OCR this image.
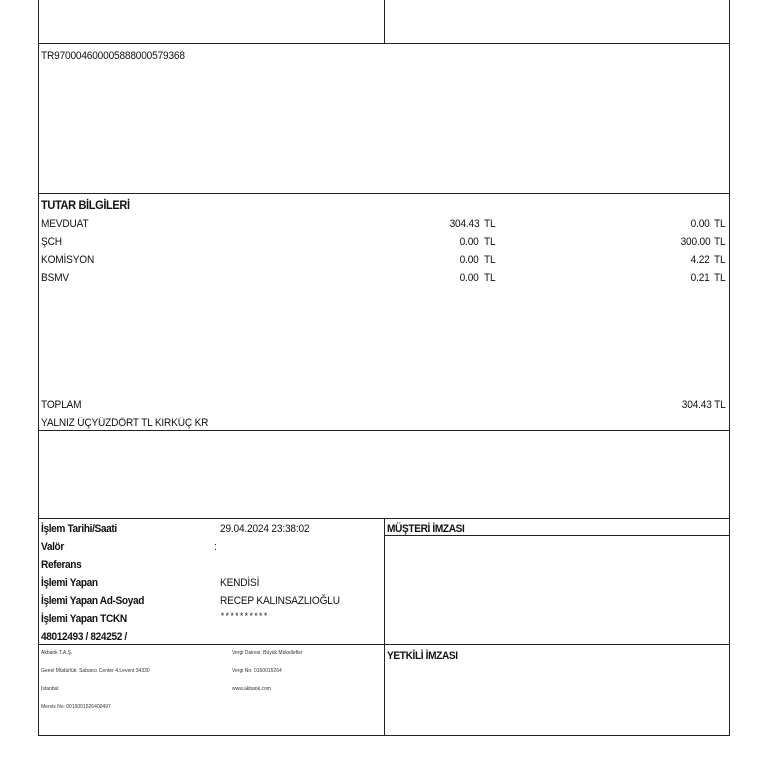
TR970004600005888000579368
TUTAR BİLGİLERİ
MEVDUAT	304.43 TL	0.00 TL
ŞCH	0.00 TL	300.00 TL
KOMİSYON	0.00 TL	4.22 TL
BSMV	0.00 TL	0.21 TL
TOPLAM	304.43 TL
YALNIZ ÜÇYÜZDÖRT TL KIRKÜÇ KR
İşlem Tarihi/Saati	29.04.2024 23:38:02
Valör	:
Referans
İşlemi Yapan	KENDİSİ
İşlemi Yapan Ad-Soyad	RECEP KALINSAZLIOĞLU
İşlemi Yapan TCKN	**********
48012493 / 824252 /
Akbank T.A.Ş.
Genel Müdürlük: Sabancı Center 4.Levent 34330
İstanbul
Mersis No: 0015001526400497
Vergi Dairesi: Büyük Mükellefler
Vergi No: 0150015264
www.akbank.com
MÜŞTERİ İMZASI
YETKİLİ İMZASI
